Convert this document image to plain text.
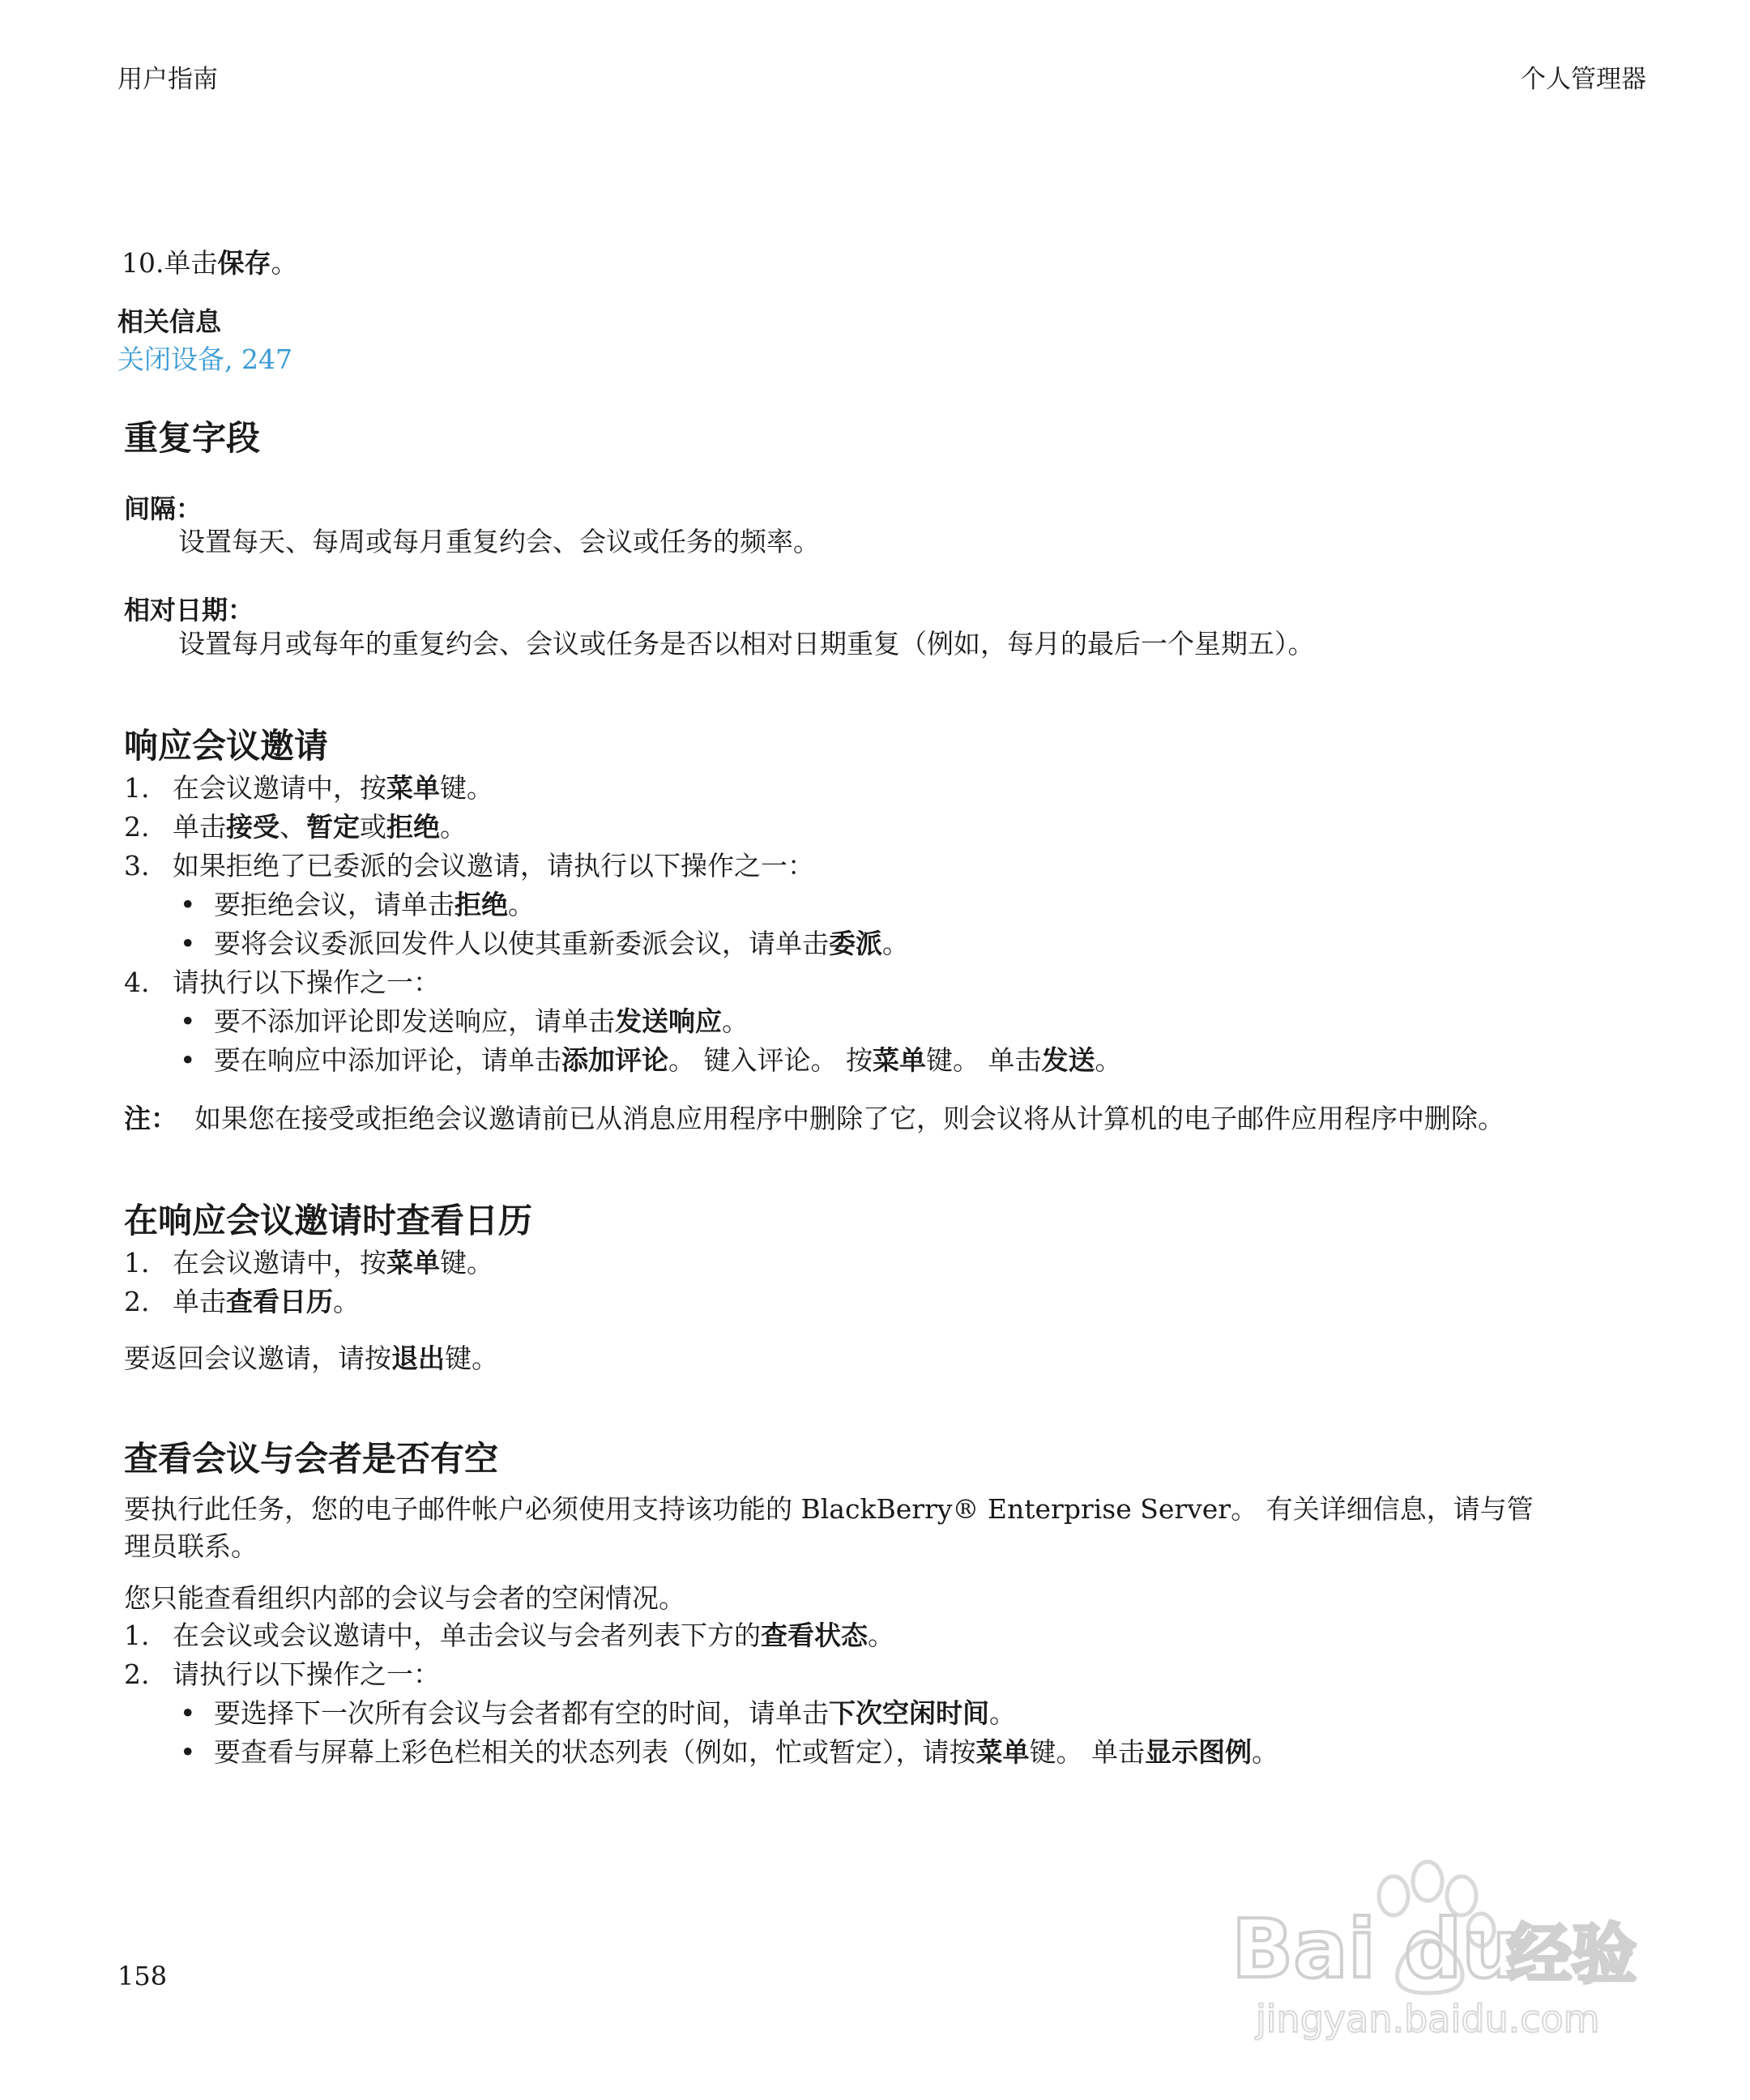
用户指南	个人管理器
10.单击保存。
相关信息
关闭设备, 247
重复字段
间隔：
设置每天、每周或每月重复约会、会议或任务的频率。
相对日期：
设置每月或每年的重复约会、会议或任务是否以相对日期重复（例如，每月的最后一个星期五）。
响应会议邀请
1. 在会议邀请中，按菜单键。
2. 单击接受、暂定或拒绝。
3. 如果拒绝了已委派的会议邀请，请执行以下操作之一：
• 要拒绝会议，请单击拒绝。
• 要将会议委派回发件人以使其重新委派会议，请单击委派。
4. 请执行以下操作之一：
• 要不添加评论即发送响应，请单击发送响应。
• 要在响应中添加评论，请单击添加评论。 键入评论。 按菜单键。 单击发送。
注： 如果您在接受或拒绝会议邀请前已从消息应用程序中删除了它，则会议将从计算机的电子邮件应用程序中删除。
在响应会议邀请时查看日历
1. 在会议邀请中，按菜单键。
2. 单击查看日历。
要返回会议邀请，请按退出键。
查看会议与会者是否有空
要执行此任务，您的电子邮件帐户必须使用支持该功能的 BlackBerry® Enterprise Server。 有关详细信息，请与管
理员联系。
您只能查看组织内部的会议与会者的空闲情况。
1. 在会议或会议邀请中，单击会议与会者列表下方的查看状态。
2. 请执行以下操作之一：
• 要选择下一次所有会议与会者都有空的时间，请单击下次空闲时间。
• 要查看与屏幕上彩色栏相关的状态列表（例如，忙或暂定），请按菜单键。 单击显示图例。
158	Bai du
经验
jingyan.baidu.com
